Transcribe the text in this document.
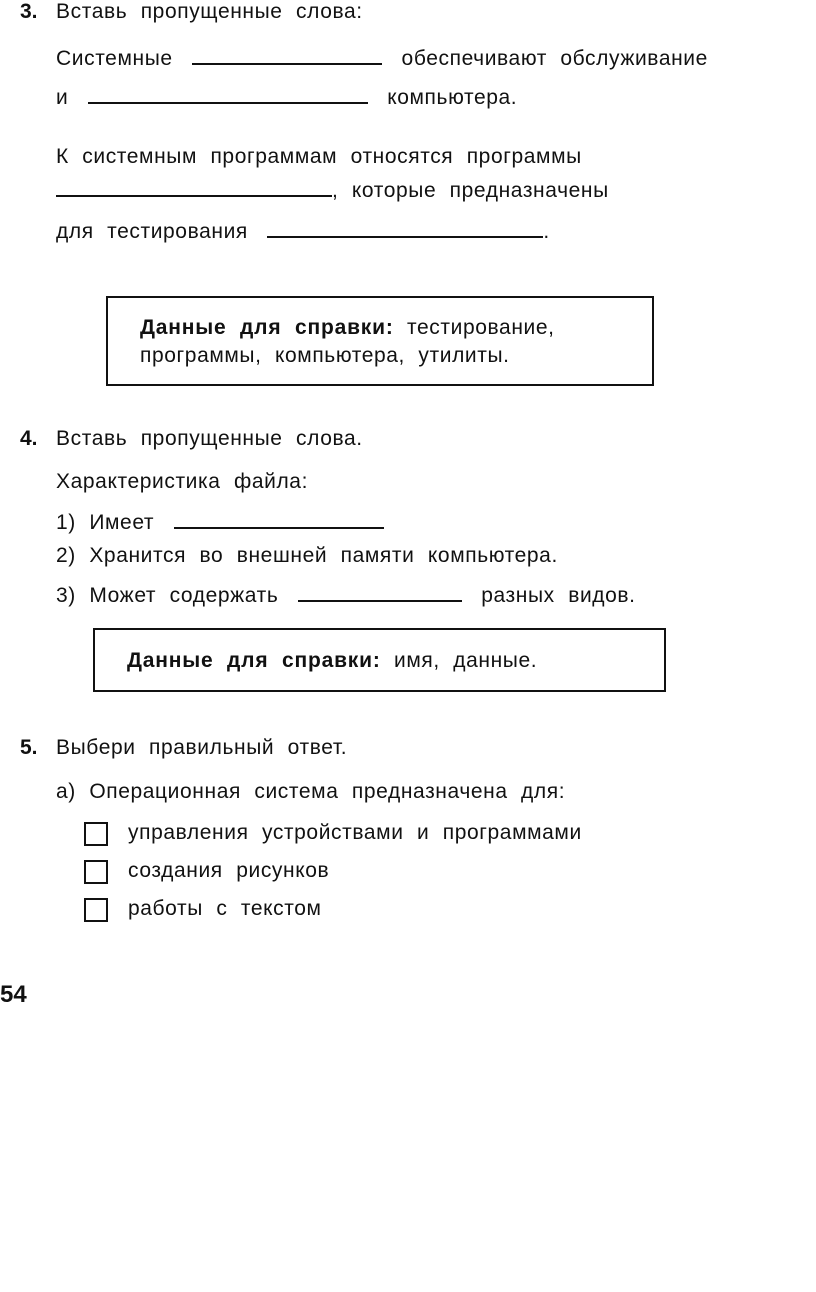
3. Вставь пропущенные слова:
Системные	обеспечивают обслуживание
и	компьютера.
К системным программам относятся программы
, которые предназначены
для тестирования	.
Данные для справки: тестирование,
программы, компьютера, утилиты.
4. Вставь пропущенные слова.
Характеристика файла:
1) Имеет
2) Хранится во внешней памяти компьютера.
3) Может содержать	разных видов.
Данные для справки: имя, данные.
5. Выбери правильный ответ.
а) Операционная система предназначена для:
управления устройствами и программами
создания рисунков
работы с текстом
54
